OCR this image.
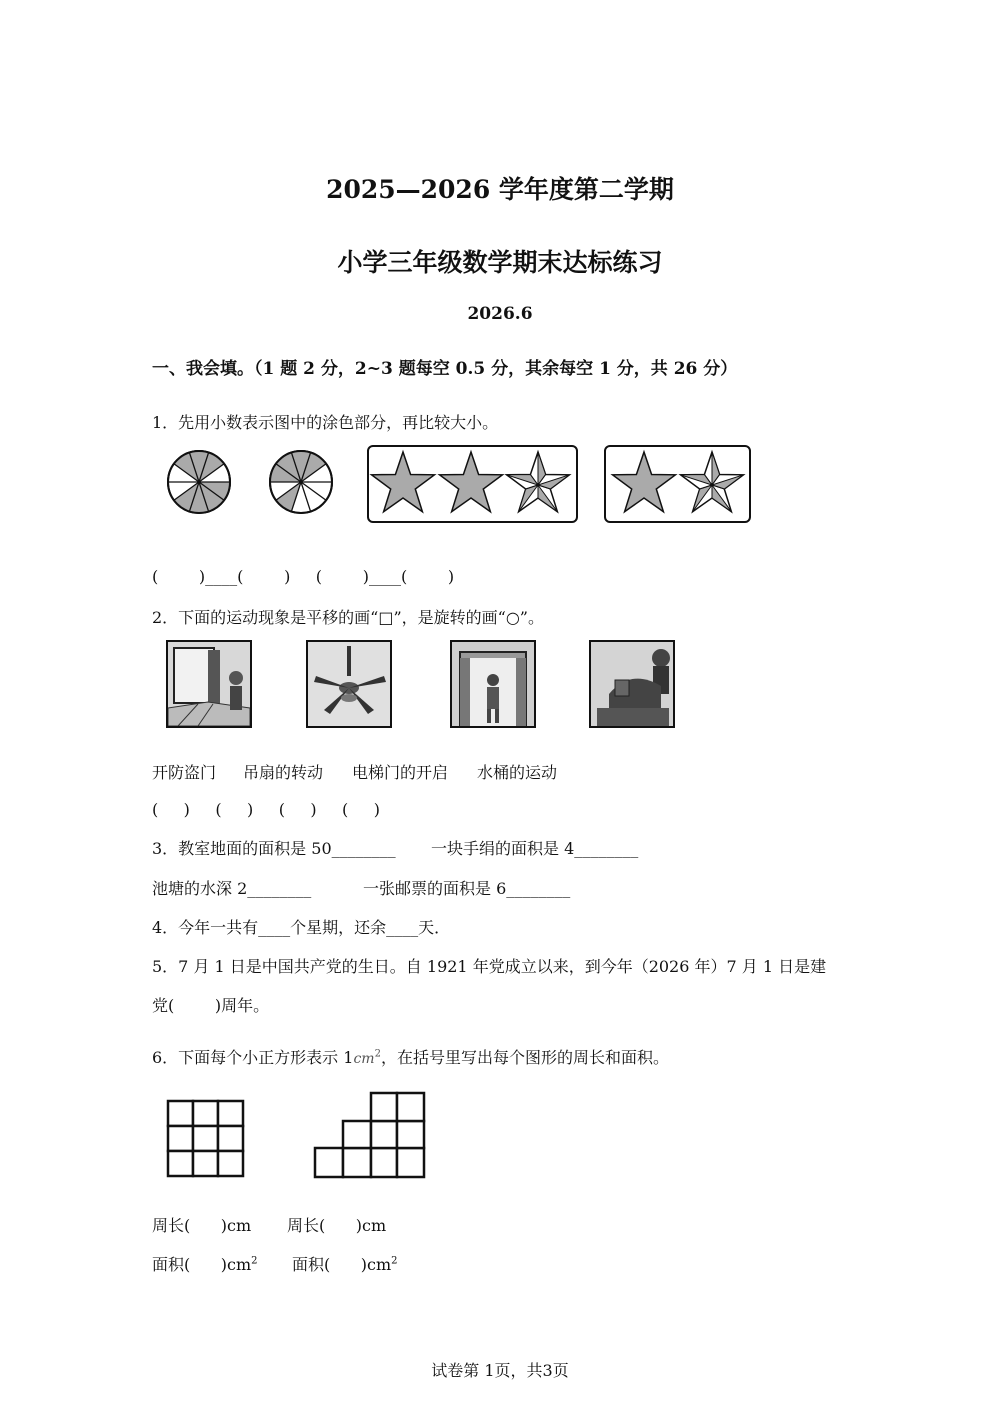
2025—2026 学年度第二学期
小学三年级数学期末达标练习
2026.6
一、我会填。（1 题 2 分，2~3 题每空 0.5 分，其余每空 1 分，共 26 分）
1．先用小数表示图中的涂色部分，再比较大小。
(        )____(        )     (        )____(        )
2．下面的运动现象是平移的画“□”，是旋转的画“○”。
开防盗门 吊扇的转动 电梯门的开启 水桶的运动
(     )     (     )     (     )     (     )
3．教室地面的面积是 50________ 一块手绢的面积是 4________
池塘的水深 2________	一张邮票的面积是 6________
4．今年一共有____个星期，还余____天．
5．7 月 1 日是中国共产党的生日。自 1921 年党成立以来，到今年（2026 年）7 月 1 日是建
党(        )周年。
6．下面每个小正方形表示 $1cm^2$，在括号里写出每个图形的周长和面积。
周长(      )cm 周长(      )cm
面积(      )$cm^2$ 面积(      )$cm^2$
试卷第 1页，共3页
